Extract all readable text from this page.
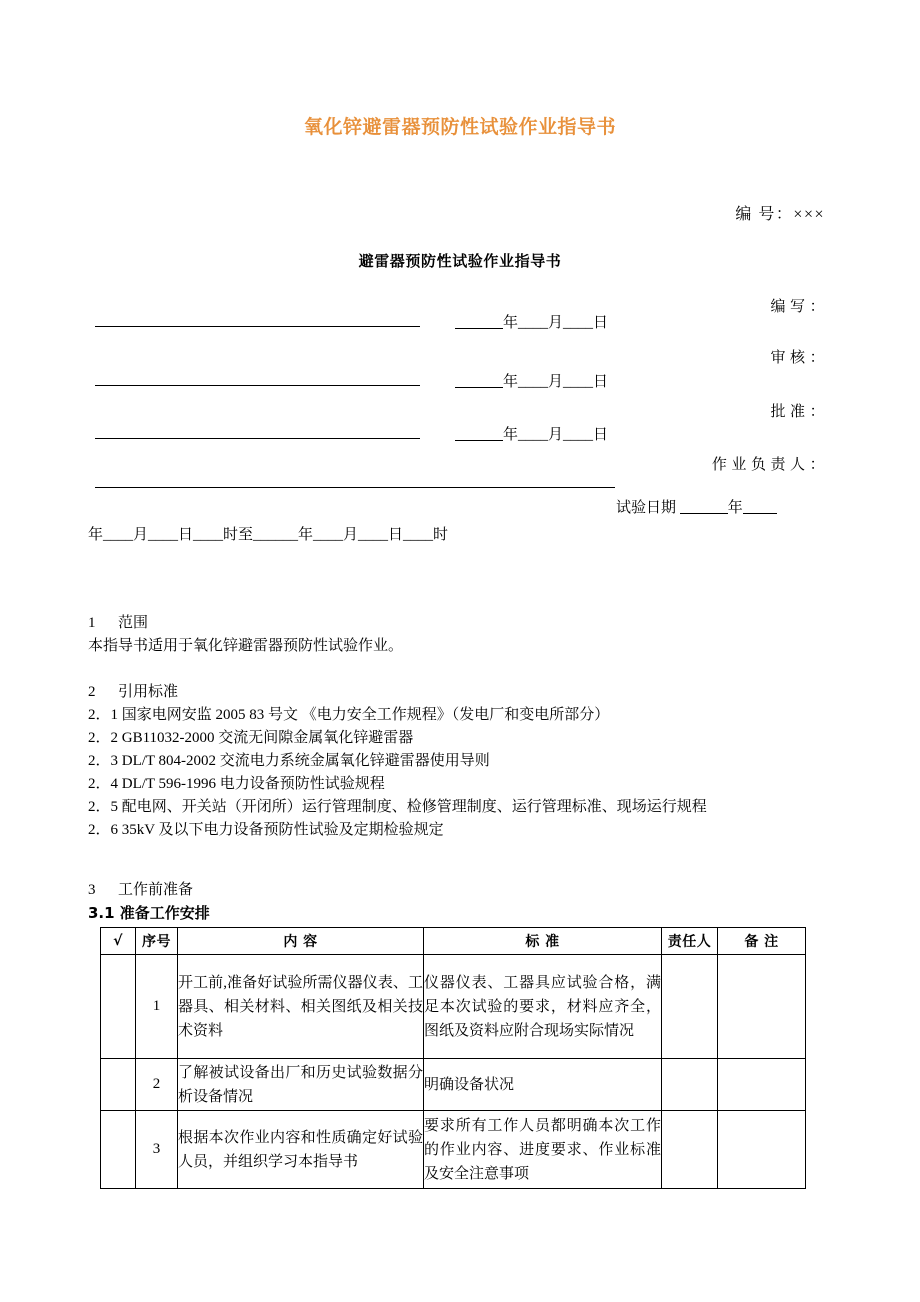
氧化锌避雷器预防性试验作业指导书
编 号：×××
避雷器预防性试验作业指导书
编 写 ：
年____月____日
审 核 ：
年____月____日
批 准 ：
年____月____日
作 业 负 责 人 ：
试验日期	年
年____月____日____时至______年____月____日____时
1 范围
本指导书适用于氧化锌避雷器预防性试验作业。
2 引用标准
2．1 国家电网安监 2005 83 号文 《电力安全工作规程》（发电厂和变电所部分）
2．2 GB11032-2000 交流无间隙金属氧化锌避雷器
2．3 DL/T 804-2002 交流电力系统金属氧化锌避雷器使用导则
2．4 DL/T 596-1996 电力设备预防性试验规程
2．5 配电网、开关站（开闭所）运行管理制度、检修管理制度、运行管理标准、现场运行规程
2．6 35kV 及以下电力设备预防性试验及定期检验规定
3 工作前准备
3.1 准备工作安排
√	序号	内 容	标 准	责任人	备 注
	1	开工前,准备好试验所需仪器仪表、工器具、相关材料、相关图纸及相关技术资料	仪器仪表、工器具应试验合格，满足本次试验的要求，材料应齐全，图纸及资料应附合现场实际情况		
	2	了解被试设备出厂和历史试验数据分析设备情况	明确设备状况		
	3	根据本次作业内容和性质确定好试验人员，并组织学习本指导书	要求所有工作人员都明确本次工作的作业内容、进度要求、作业标准及安全注意事项		
